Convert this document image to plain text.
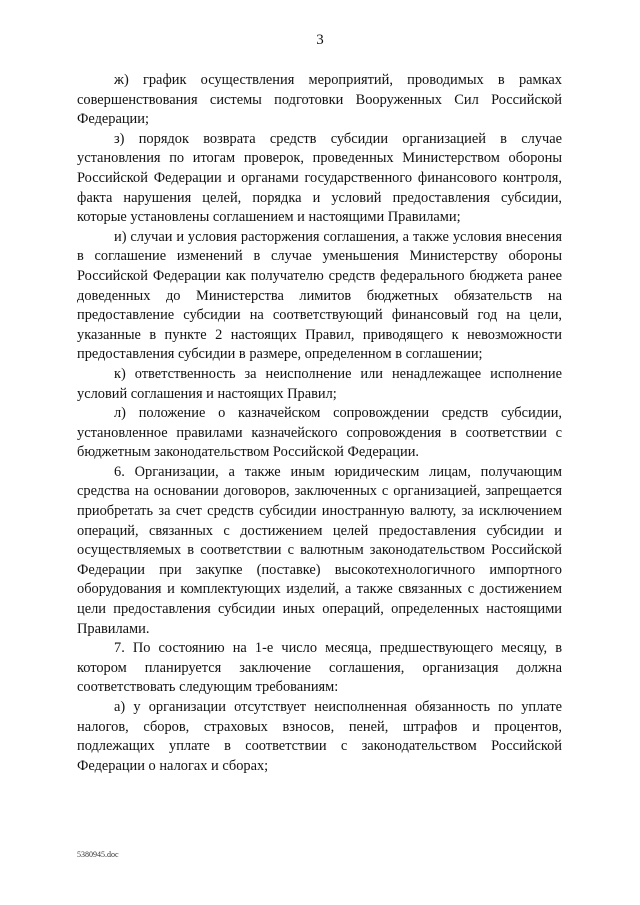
3

ж) график осуществления мероприятий, проводимых в рамках совершенствования системы подготовки Вооруженных Сил Российской Федерации;

з) порядок возврата средств субсидии организацией в случае установления по итогам проверок, проведенных Министерством обороны Российской Федерации и органами государственного финансового контроля, факта нарушения целей, порядка и условий предоставления субсидии, которые установлены соглашением и настоящими Правилами;

и) случаи и условия расторжения соглашения, а также условия внесения в соглашение изменений в случае уменьшения Министерству обороны Российской Федерации как получателю средств федерального бюджета ранее доведенных до Министерства лимитов бюджетных обязательств на предоставление субсидии на соответствующий финансовый год на цели, указанные в пункте 2 настоящих Правил, приводящего к невозможности предоставления субсидии в размере, определенном в соглашении;

к) ответственность за неисполнение или ненадлежащее исполнение условий соглашения и настоящих Правил;

л) положение о казначейском сопровождении средств субсидии, установленное правилами казначейского сопровождения в соответствии с бюджетным законодательством Российской Федерации.

6. Организации, а также иным юридическим лицам, получающим средства на основании договоров, заключенных с организацией, запрещается приобретать за счет средств субсидии иностранную валюту, за исключением операций, связанных с достижением целей предоставления субсидии и осуществляемых в соответствии с валютным законодательством Российской Федерации при закупке (поставке) высокотехнологичного импортного оборудования и комплектующих изделий, а также связанных с достижением цели предоставления субсидии иных операций, определенных настоящими Правилами.

7. По состоянию на 1-е число месяца, предшествующего месяцу, в котором планируется заключение соглашения, организация должна соответствовать следующим требованиям:

а) у организации отсутствует неисполненная обязанность по уплате налогов, сборов, страховых взносов, пеней, штрафов и процентов, подлежащих уплате в соответствии с законодательством Российской Федерации о налогах и сборах;

5380945.doc
